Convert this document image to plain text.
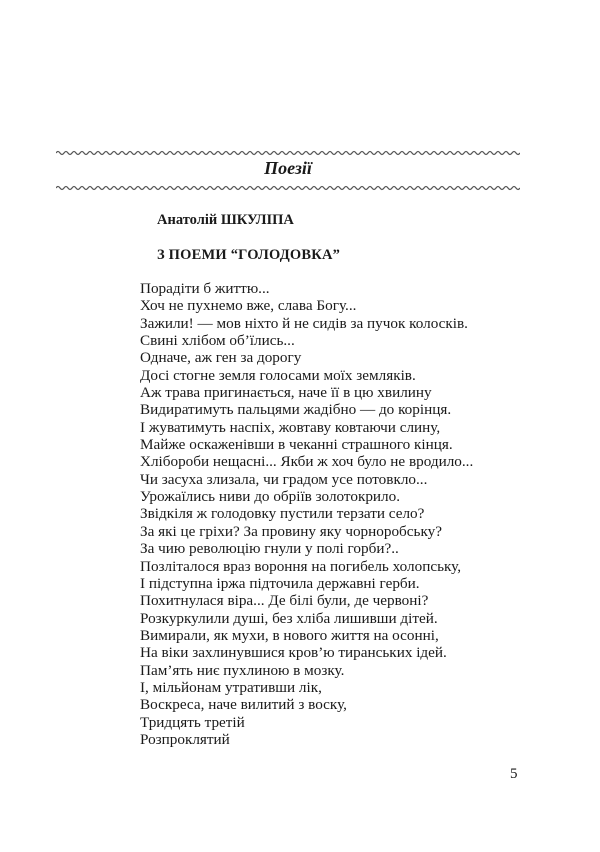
Поезії
Анатолій ШКУЛІПА
З ПОЕМИ “ГОЛОДОВКА”
Порадіти б життю...
Хоч не пухнемо вже, слава Богу...
Зажили! — мов ніхто й не сидів за пучок колосків.
Свині хлібом об’їлись...
Одначе, аж ген за дорогу
Досі стогне земля голосами моїх земляків.
Аж трава пригинається, наче її в цю хвилину
Видиратимуть пальцями жадібно — до корінця.
І жуватимуть наспіх, жовтаву ковтаючи слину,
Майже оскаженівши в чеканні страшного кінця.
Хлібороби нещасні... Якби ж хоч було не вродило...
Чи засуха злизала, чи градом усе потовкло...
Урожаїлись ниви до обріїв золотокрило.
Звідкіля ж голодовку пустили терзати село?
За які це гріхи? За провину яку чорноробську?
За чию революцію гнули у полі горби?..
Позліталося враз вороння на погибель холопську,
І підступна іржа підточила державні герби.
Похитнулася віра... Де білі були, де червоні?
Розкуркулили душі, без хліба лишивши дітей.
Вимирали, як мухи, в нового життя на осонні,
На віки захлинувшися кров’ю тиранських ідей.
Пам’ять ниє пухлиною в мозку.
І, мільйонам утративши лік,
Воскреса, наче вилитий з воску,
Тридцять третій
Розпроклятий
5
